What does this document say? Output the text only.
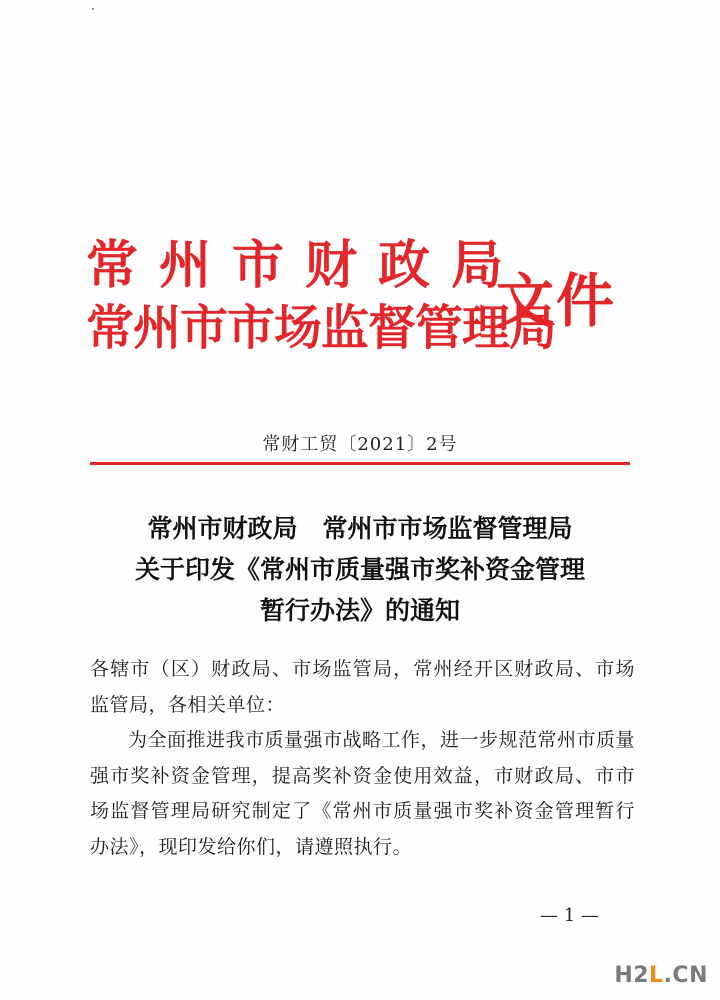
常州市财政局
常州市市场监督管理局
文件
常财工贸〔2021〕2号
常州市财政局　常州市市场监督管理局
关于印发《常州市质量强市奖补资金管理
暂行办法》的通知

各辖市（区）财政局、市场监管局，常州经开区财政局、市场监管局，各相关单位：

为全面推进我市质量强市战略工作，进一步规范常州市质量强市奖补资金管理，提高奖补资金使用效益，市财政局、市市场监督管理局研究制定了《常州市质量强市奖补资金管理暂行办法》，现印发给你们，请遵照执行。

— 1 —
H2L.CN
